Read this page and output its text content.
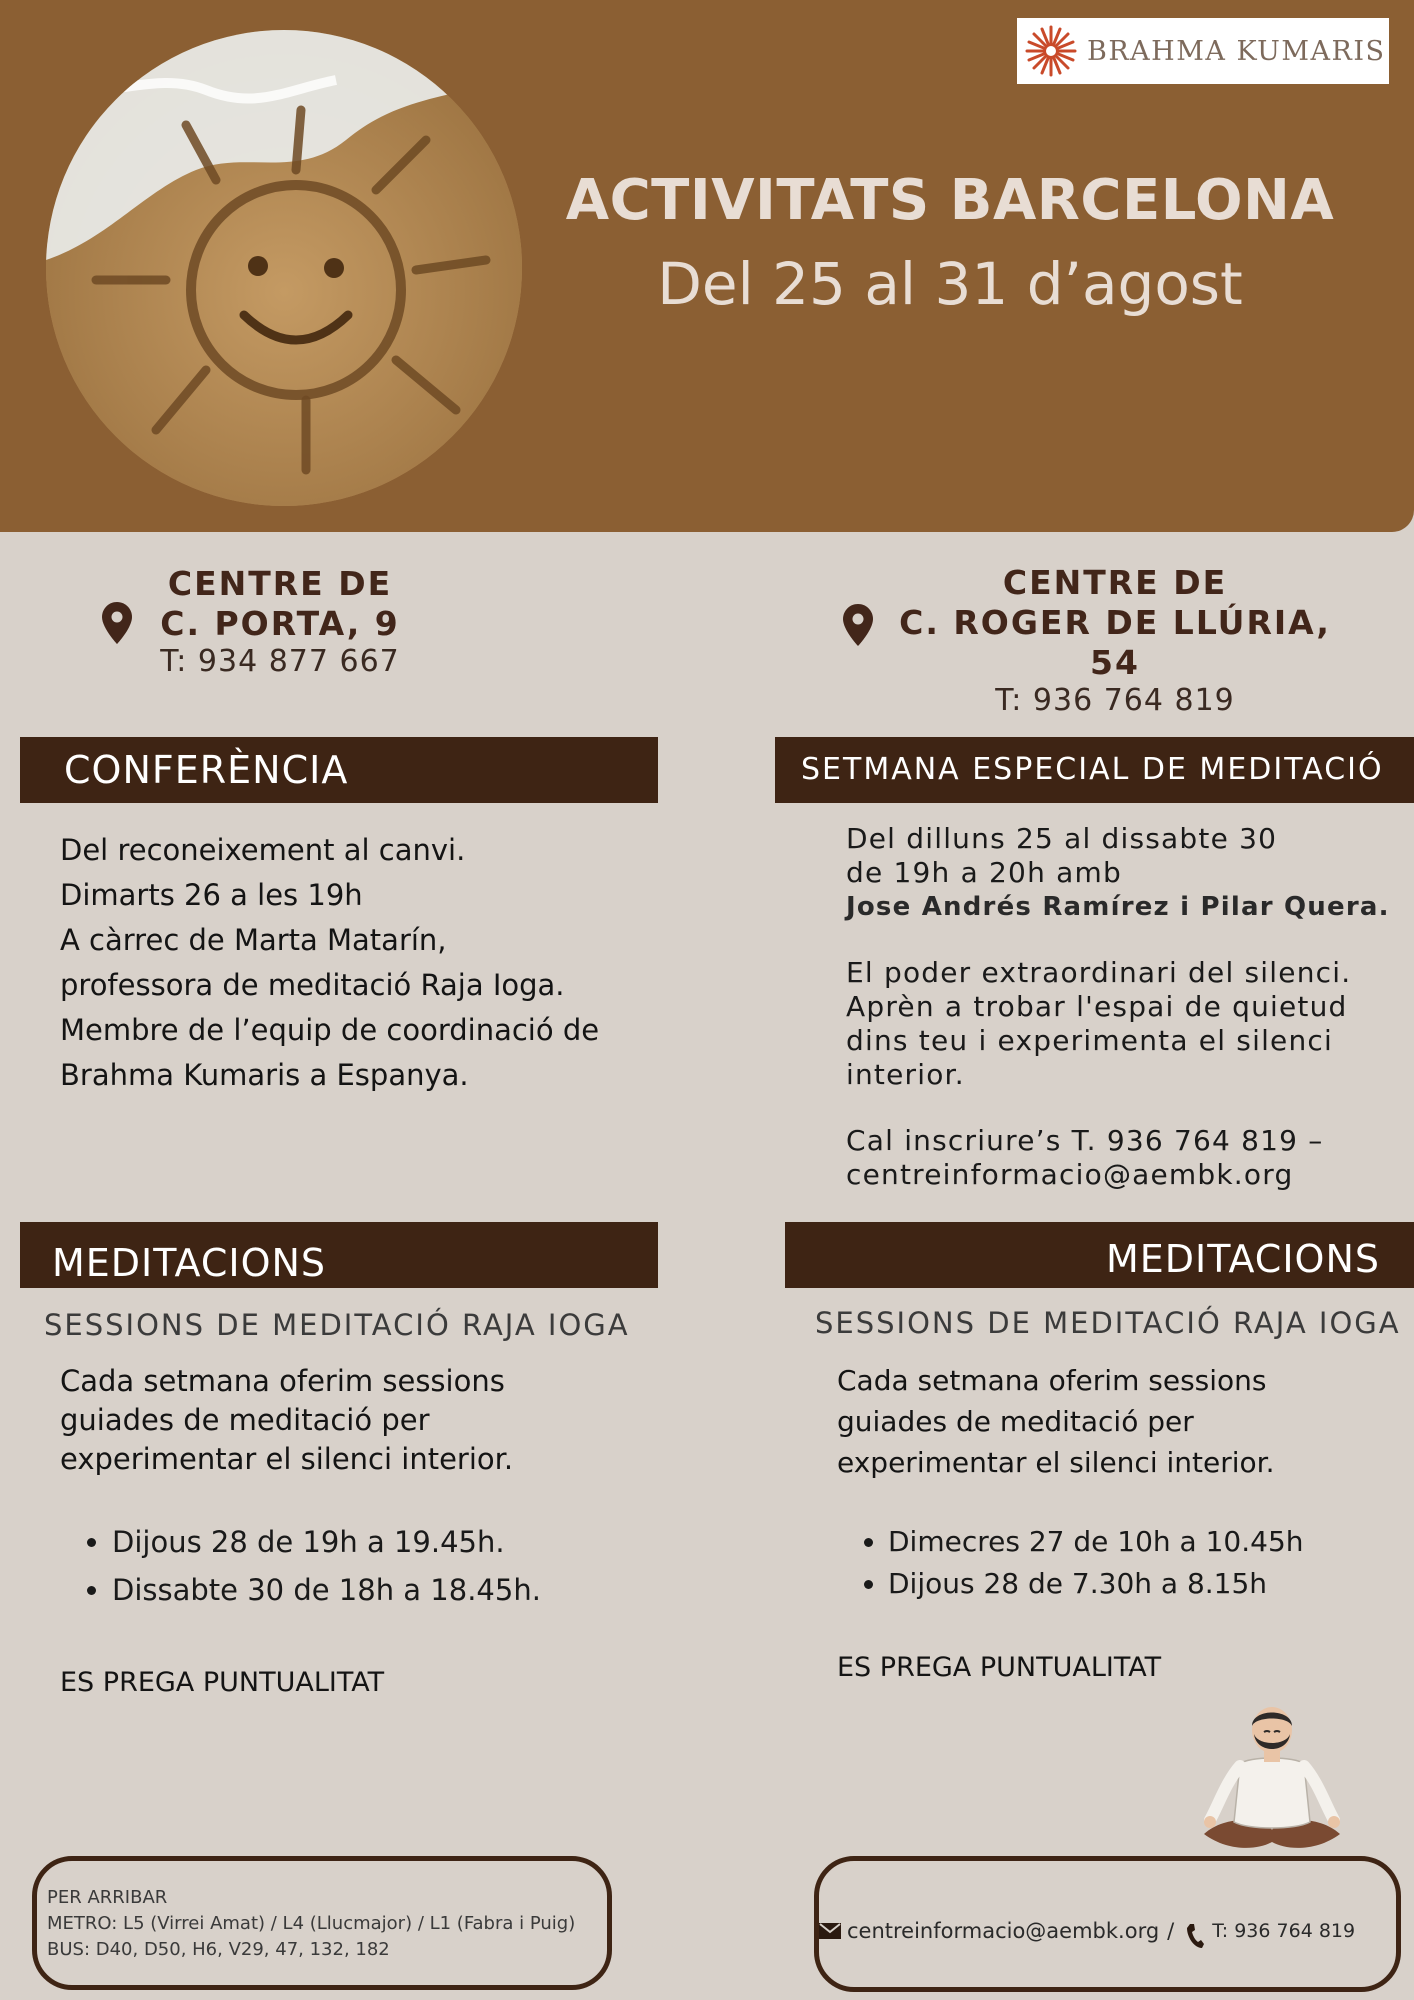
BRAHMA KUMARIS
ACTIVITATS BARCELONA
Del 25 al 31 d’agost
CENTRE DE
C. PORTA, 9
T: 934 877 667
CENTRE DE
C. ROGER DE LLÚRIA, 54
T: 936 764 819
CONFERÈNCIA
Del reconeixement al canvi.
Dimarts 26 a les 19h
A càrrec de Marta Matarín,
professora de meditació Raja Ioga.
Membre de l’equip de coordinació de
Brahma Kumaris a Espanya.
SETMANA ESPECIAL DE MEDITACIÓ
Del dilluns 25 al dissabte 30
de 19h a 20h amb
Jose Andrés Ramírez i Pilar Quera.
El poder extraordinari del silenci.
Aprèn a trobar l'espai de quietud
dins teu i experimenta el silenci
interior.
Cal inscriure’s T. 936 764 819 –
centreinformacio@aembk.org
MEDITACIONS
SESSIONS DE MEDITACIÓ RAJA IOGA
Cada setmana oferim sessions
guiades de meditació per
experimentar el silenci interior.
• Dijous 28 de 19h a 19.45h.
• Dissabte 30 de 18h a 18.45h.
ES PREGA PUNTUALITAT
MEDITACIONS
SESSIONS DE MEDITACIÓ RAJA IOGA
Cada setmana oferim sessions
guiades de meditació per
experimentar el silenci interior.
• Dimecres 27 de 10h a 10.45h
• Dijous 28 de 7.30h a 8.15h
ES PREGA PUNTUALITAT
PER ARRIBAR
METRO: L5 (Virrei Amat) / L4 (Llucmajor) / L1 (Fabra i Puig)
BUS: D40, D50, H6, V29, 47, 132, 182
centreinformacio@aembk.org / T: 936 764 819
